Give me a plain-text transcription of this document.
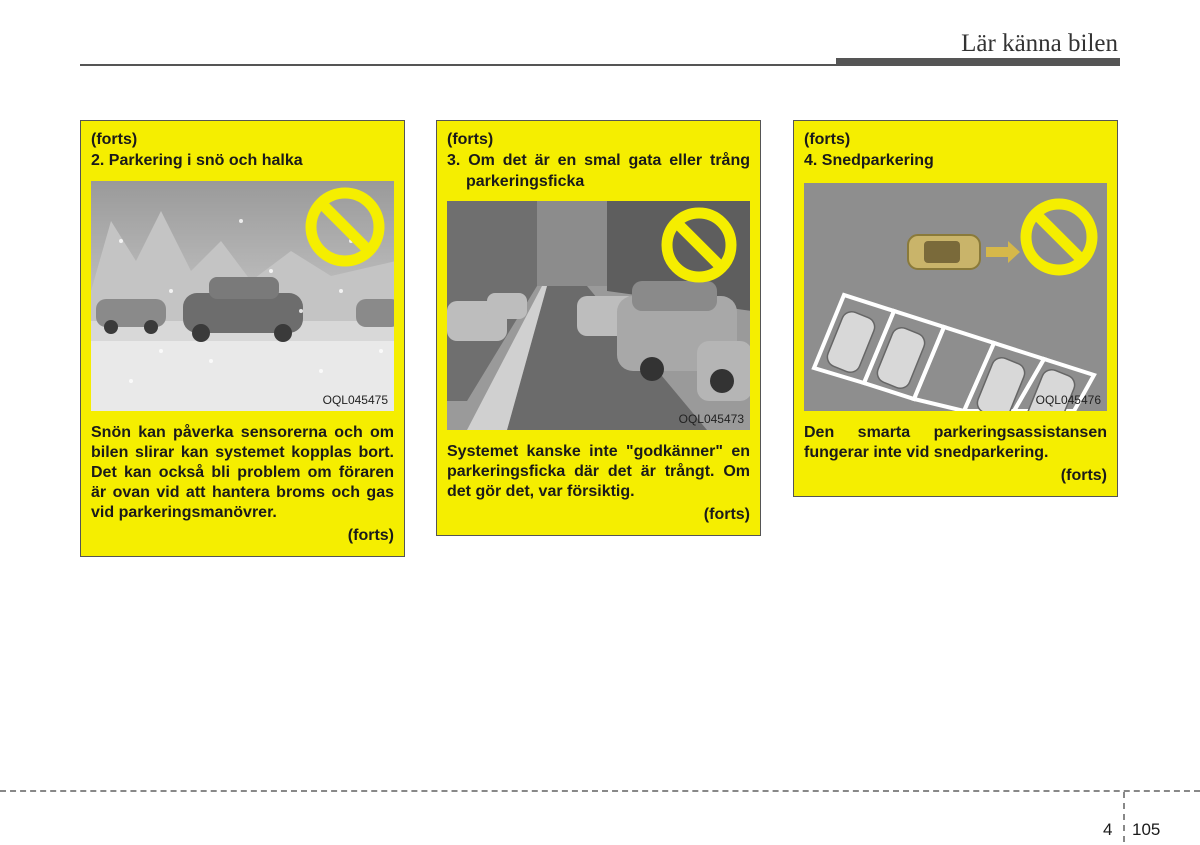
Lär känna bilen

(forts)

2. Parkering i snö och halka

OQL045475

Snön kan påverka sensorerna och om bilen slirar kan systemet kopplas bort. Det kan också bli problem om föraren är ovan vid att hantera broms och gas vid parkeringsmanövrer.

(forts)

(forts)

3. Om det är en smal gata eller trång parkeringsficka

OQL045473

Systemet kanske inte "godkänner" en parkeringsficka där det är trångt. Om det gör det, var försiktig.

(forts)

(forts)

4. Snedparkering

OQL045476

Den smarta parkeringsassistansen fungerar inte vid snedparkering.

(forts)
4 105
